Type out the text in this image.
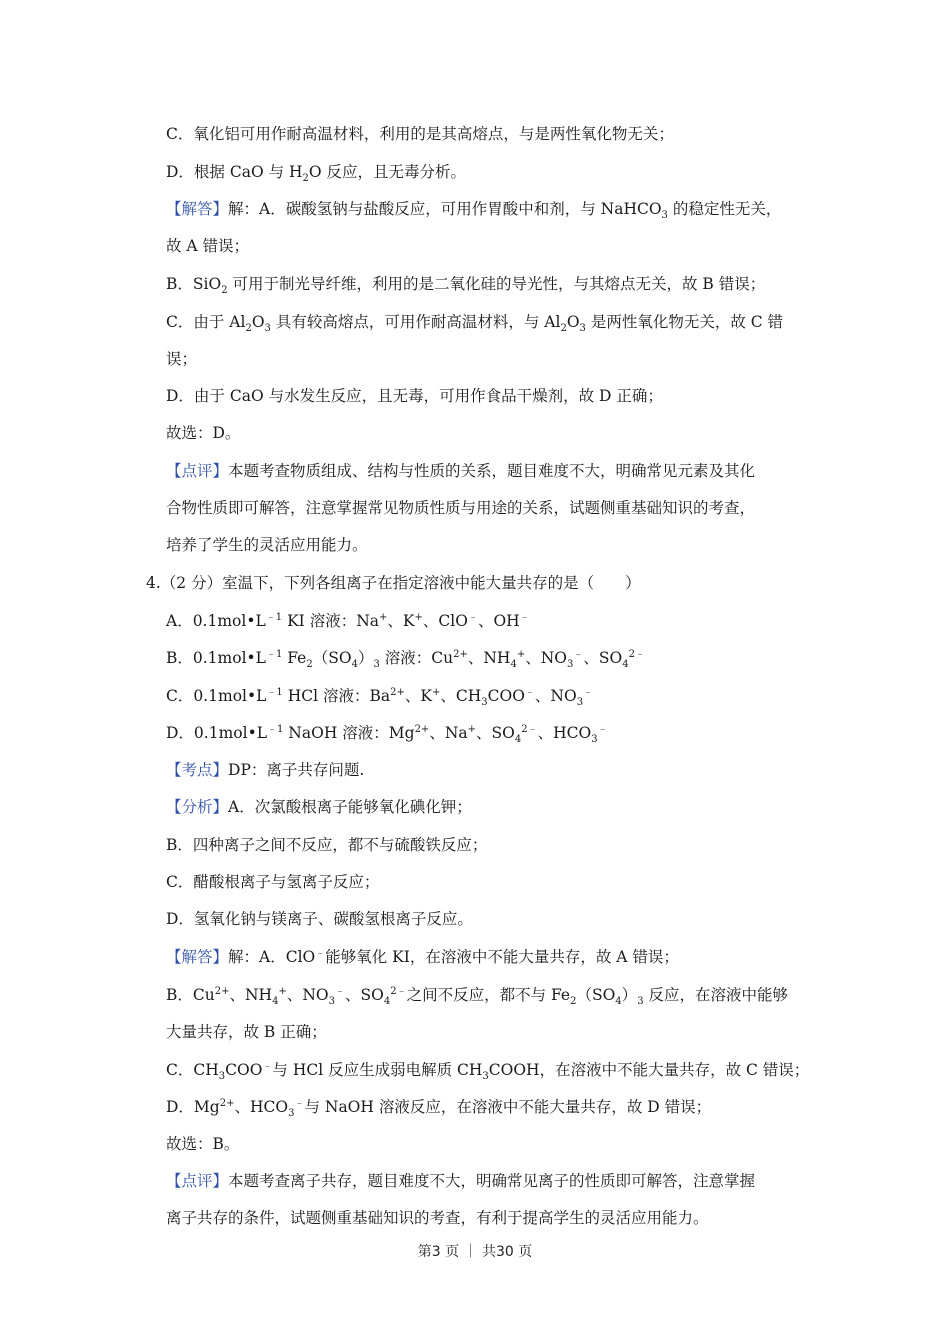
C．氧化铝可用作耐高温材料，利用的是其高熔点，与是两性氧化物无关；
D．根据 CaO 与 $H_2O$ 反应，且无毒分析。
【解答】解：A．碳酸氢钠与盐酸反应，可用作胃酸中和剂，与 NaHCO$_3$ 的稳定性无关，
故 A 错误；
B．SiO$_2$ 可用于制光导纤维，利用的是二氧化硅的导光性，与其熔点无关，故 B 错误；
C．由于 $Al_2O_3$ 具有较高熔点，可用作耐高温材料，与 $Al_2O_3$ 是两性氧化物无关，故 C 错
误；
D．由于 CaO 与水发生反应，且无毒，可用作食品干燥剂，故 D 正确；
故选：D。
【点评】本题考查物质组成、结构与性质的关系，题目难度不大，明确常见元素及其化
合物性质即可解答，注意掌握常见物质性质与用途的关系，试题侧重基础知识的考查，
培养了学生的灵活应用能力。
4.（2 分）室温下，下列各组离子在指定溶液中能大量共存的是（　　）
A．$0.1mol•L^{﹣1}$ KI 溶液：Na+、K+、ClO﹣、OH﹣
B．$0.1mol•L^{﹣1}$ $Fe_2(SO_4)_3$ 溶液：$Cu^{2+}$、$NH_4^+$、$NO_3^﹣$、$SO_4^{2﹣}$
C．$0.1mol•L^{﹣1}$ HCl 溶液：$Ba^{2+}$、K+、$CH_3COO^﹣$、$NO_3^﹣$
D．$0.1mol•L^{﹣1}$ NaOH 溶液：$Mg^{2+}$、Na+、$SO_4^{2﹣}$、$HCO_3^﹣$
【考点】DP：离子共存问题.
【分析】A．次氯酸根离子能够氧化碘化钾；
B．四种离子之间不反应，都不与硫酸铁反应；
C．醋酸根离子与氢离子反应；
D．氢氧化钠与镁离子、碳酸氢根离子反应。
【解答】解：A．ClO﹣能够氧化 KI，在溶液中不能大量共存，故 A 错误；
B．$Cu^{2+}$、$NH_4^+$、$NO_3^﹣$、$SO_4^{2﹣}$之间不反应，都不与 $Fe_2(SO_4)_3$ 反应，在溶液中能够
大量共存，故 B 正确；
C．$CH_3COO^﹣$与 HCl 反应生成弱电解质 $CH_3COOH$，在溶液中不能大量共存，故 C 错误；
D．$Mg^{2+}$、$HCO_3^﹣$与 NaOH 溶液反应，在溶液中不能大量共存，故 D 错误；
故选：B。
【点评】本题考查离子共存，题目难度不大，明确常见离子的性质即可解答，注意掌握
离子共存的条件，试题侧重基础知识的考查，有利于提高学生的灵活应用能力。
第3 页 ｜ 共30 页
